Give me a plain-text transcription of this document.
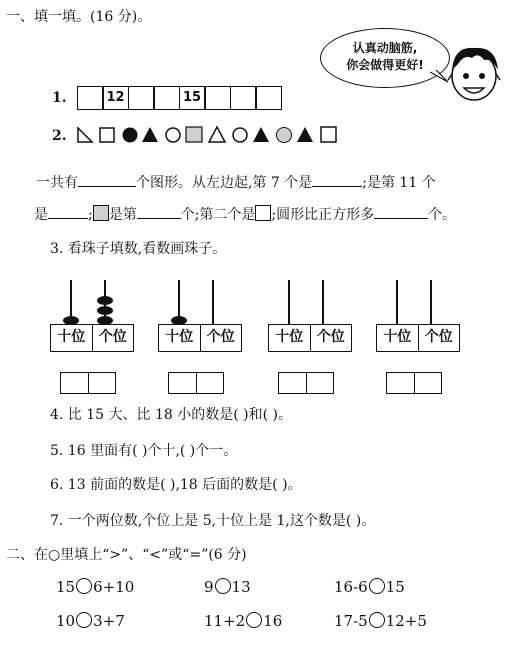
一、填一填。(16 分)。
认真动脑筋,
你会做得更好!
1.	12	15
2.
一共有	个图形。从左边起,第 7 个是	;是第 11 个
是	; 是第	个;第二个是 ;圆形比正方形多	个。
3. 看珠子填数,看数画珠子。
十位 个位	十位 个位	十位 个位	十位 个位
4. 比 15 大、比 18 小的数是( )和( )。
5. 16 里面有( )个十,( )个一。
6. 13 前面的数是( ),18 后面的数是( )。
7. 一个两位数,个位上是 5,十位上是 1,这个数是( )。
二、在○里填上“>”、“<”或“=”(6 分)
15 6+10	9 13	16-6 15
10 3+7	11+2 16	17-5 12+5
